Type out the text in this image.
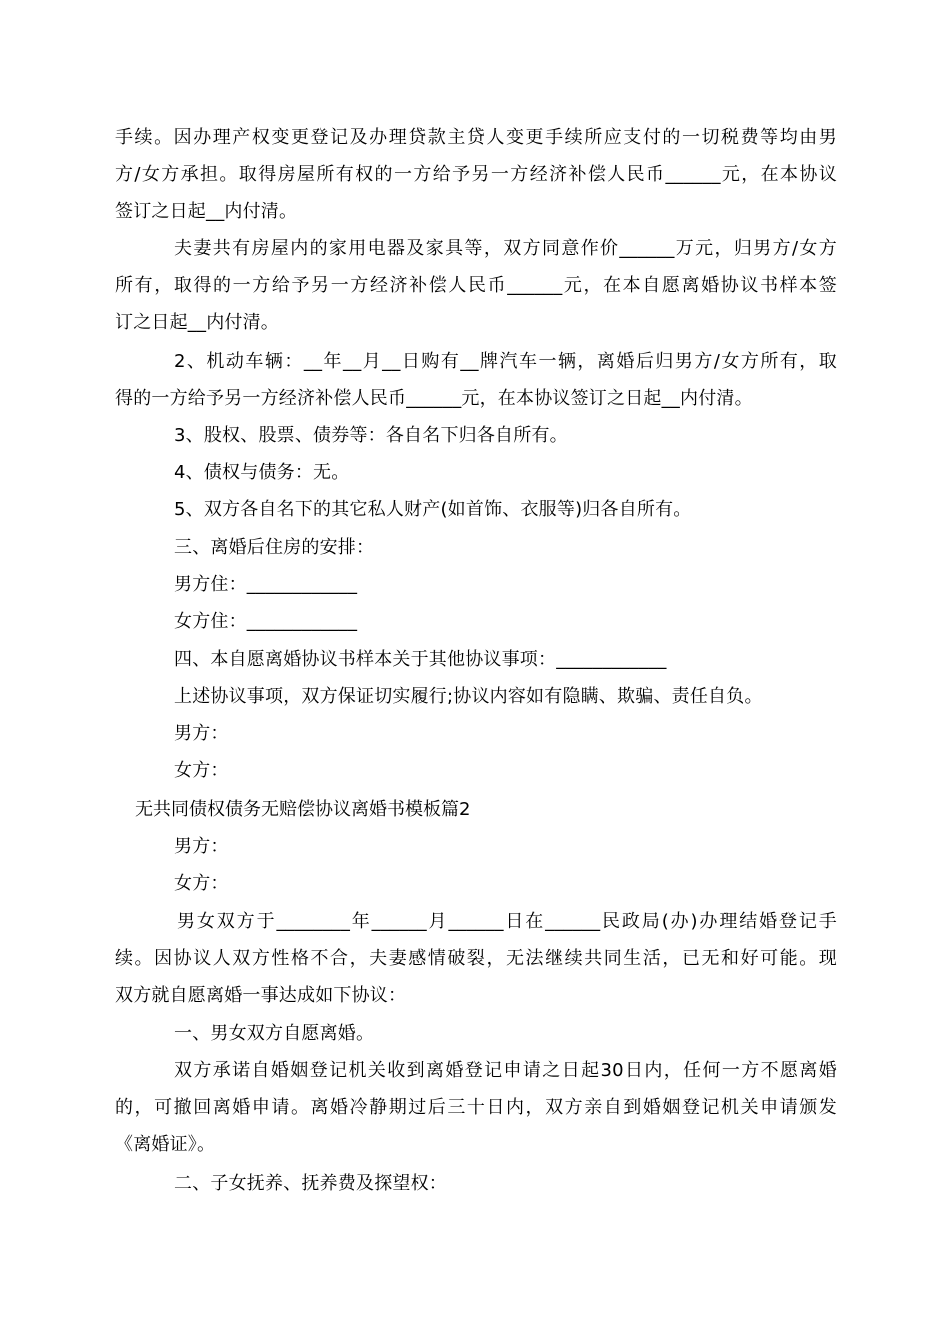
手续。因办理产权变更登记及办理贷款主贷人变更手续所应支付的一切税费等均由男
方/女方承担。取得房屋所有权的一方给予另一方经济补偿人民币______元，在本协议
签订之日起__内付清。
夫妻共有房屋内的家用电器及家具等，双方同意作价______万元，归男方/女方
所有，取得的一方给予另一方经济补偿人民币______元，在本自愿离婚协议书样本签
订之日起__内付清。
2、机动车辆：__年__月__日购有__牌汽车一辆，离婚后归男方/女方所有，取
得的一方给予另一方经济补偿人民币______元，在本协议签订之日起__内付清。
3、股权、股票、债券等：各自名下归各自所有。
4、债权与债务：无。
5、双方各自名下的其它私人财产(如首饰、衣服等)归各自所有。
三、离婚后住房的安排：
男方住：____________
女方住：____________
四、本自愿离婚协议书样本关于其他协议事项：____________
上述协议事项，双方保证切实履行;协议内容如有隐瞒、欺骗、责任自负。
男方：
女方：
无共同债权债务无赔偿协议离婚书模板篇2
男方：
女方：
男女双方于________年______月______日在______民政局(办)办理结婚登记手
续。因协议人双方性格不合，夫妻感情破裂，无法继续共同生活，已无和好可能。现
双方就自愿离婚一事达成如下协议：
一、男女双方自愿离婚。
双方承诺自婚姻登记机关收到离婚登记申请之日起30日内，任何一方不愿离婚
的，可撤回离婚申请。离婚冷静期过后三十日内，双方亲自到婚姻登记机关申请颁发
《离婚证》。
二、子女抚养、抚养费及探望权：
